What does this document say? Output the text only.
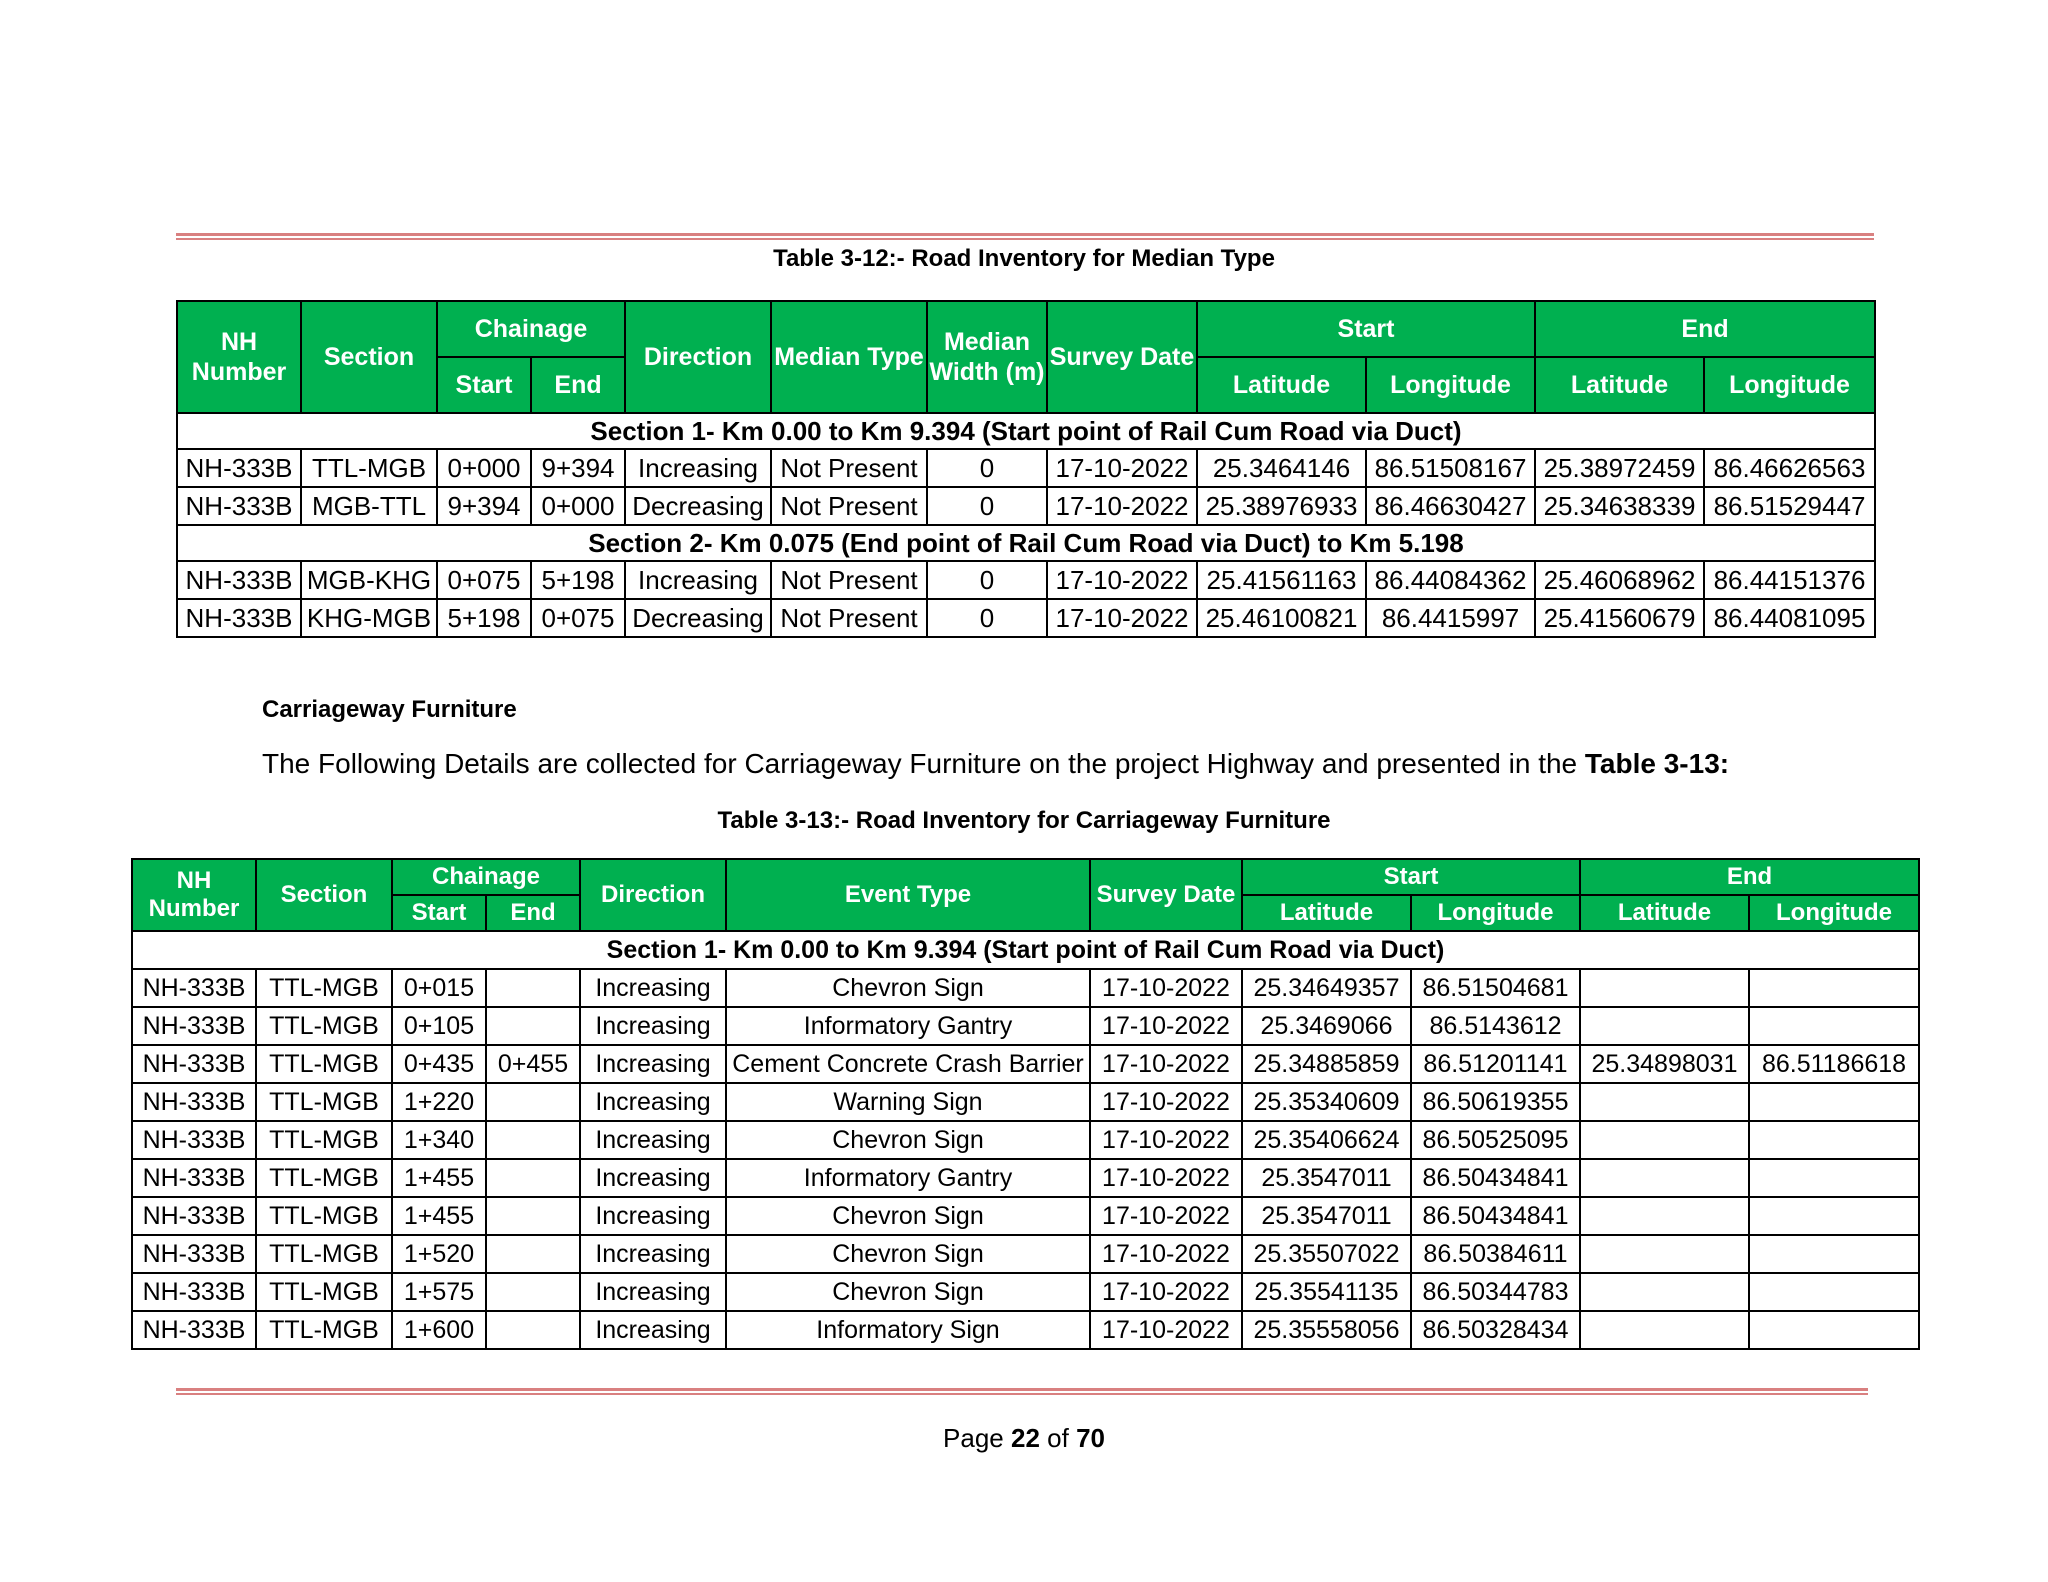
Table 3-12:- Road Inventory for Median Type
NH Number	Section	Chainage		Direction	Median Type	Median Width (m)	Survey Date	Start		End	
		Start	End					Latitude	Longitude	Latitude	Longitude
Section 1- Km 0.00 to Km 9.394 (Start point of Rail Cum Road via Duct)											
NH-333B	TTL-MGB	0+000	9+394	Increasing	Not Present	0	17-10-2022	25.3464146	86.51508167	25.38972459	86.46626563
NH-333B	MGB-TTL	9+394	0+000	Decreasing	Not Present	0	17-10-2022	25.38976933	86.46630427	25.34638339	86.51529447
Section 2- Km 0.075 (End point of Rail Cum Road via Duct) to Km 5.198											
NH-333B	MGB-KHG	0+075	5+198	Increasing	Not Present	0	17-10-2022	25.41561163	86.44084362	25.46068962	86.44151376
NH-333B	KHG-MGB	5+198	0+075	Decreasing	Not Present	0	17-10-2022	25.46100821	86.4415997	25.41560679	86.44081095
Carriageway Furniture
The Following Details are collected for Carriageway Furniture on the project Highway and presented in the Table 3-13:
Table 3-13:- Road Inventory for Carriageway Furniture
NH Number	Section	Chainage		Direction	Event Type	Survey Date	Start		End	
		Start	End				Latitude	Longitude	Latitude	Longitude
Section 1- Km 0.00 to Km 9.394 (Start point of Rail Cum Road via Duct)										
NH-333B	TTL-MGB	0+015		Increasing	Chevron Sign	17-10-2022	25.34649357	86.51504681		
NH-333B	TTL-MGB	0+105		Increasing	Informatory Gantry	17-10-2022	25.3469066	86.5143612		
NH-333B	TTL-MGB	0+435	0+455	Increasing	Cement Concrete Crash Barrier	17-10-2022	25.34885859	86.51201141	25.34898031	86.51186618
NH-333B	TTL-MGB	1+220		Increasing	Warning Sign	17-10-2022	25.35340609	86.50619355		
NH-333B	TTL-MGB	1+340		Increasing	Chevron Sign	17-10-2022	25.35406624	86.50525095		
NH-333B	TTL-MGB	1+455		Increasing	Informatory Gantry	17-10-2022	25.3547011	86.50434841		
NH-333B	TTL-MGB	1+455		Increasing	Chevron Sign	17-10-2022	25.3547011	86.50434841		
NH-333B	TTL-MGB	1+520		Increasing	Chevron Sign	17-10-2022	25.35507022	86.50384611		
NH-333B	TTL-MGB	1+575		Increasing	Chevron Sign	17-10-2022	25.35541135	86.50344783		
NH-333B	TTL-MGB	1+600		Increasing	Informatory Sign	17-10-2022	25.35558056	86.50328434		
Page 22 of 70
